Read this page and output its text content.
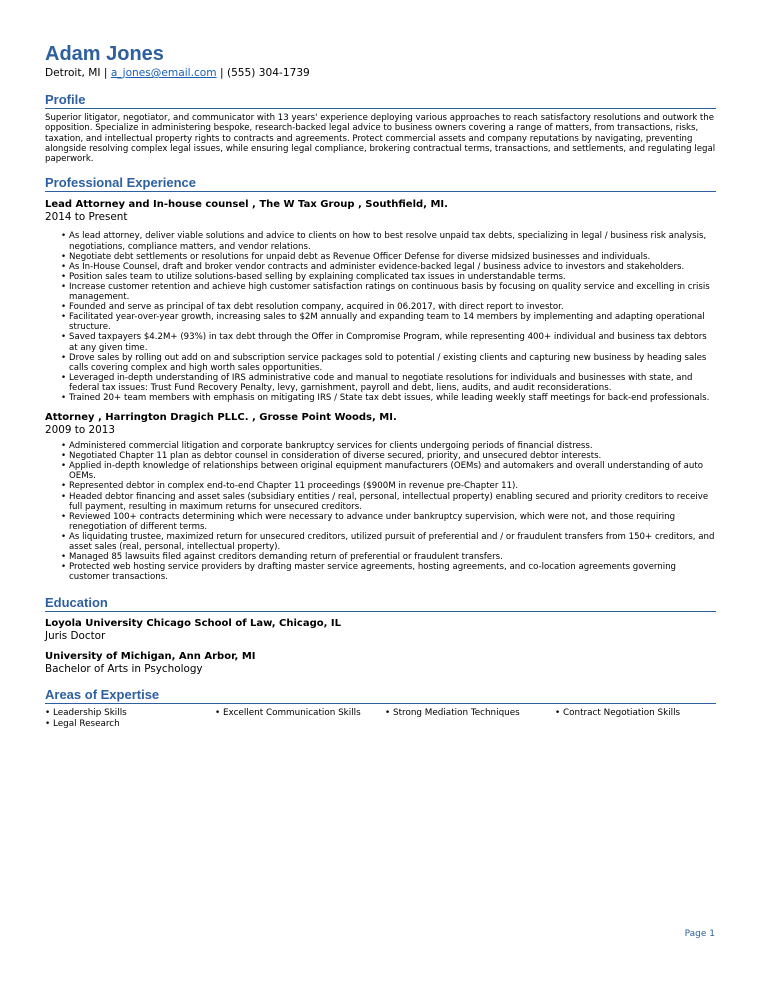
Adam Jones
Detroit, MI | a_jones@email.com | (555) 304-1739
Profile

Superior litigator, negotiator, and communicator with 13 years' experience deploying various approaches to reach satisfactory resolutions and outwork the opposition. Specialize in administering bespoke, research-backed legal advice to business owners covering a range of matters, from transactions, risks, taxation, and intellectual property rights to contracts and agreements. Protect commercial assets and company reputations by navigating, preventing alongside resolving complex legal issues, while ensuring legal compliance, brokering contractual terms, transactions, and settlements, and regulating legal paperwork.

Professional Experience

Lead Attorney and In-house counsel , The W Tax Group , Southfield, MI.

2014 to Present

• As lead attorney, deliver viable solutions and advice to clients on how to best resolve unpaid tax debts, specializing in legal / business risk analysis, negotiations, compliance matters, and vendor relations.
• Negotiate debt settlements or resolutions for unpaid debt as Revenue Officer Defense for diverse midsized businesses and individuals.
• As In-House Counsel, draft and broker vendor contracts and administer evidence-backed legal / business advice to investors and stakeholders.
• Position sales team to utilize solutions-based selling by explaining complicated tax issues in understandable terms.
• Increase customer retention and achieve high customer satisfaction ratings on continuous basis by focusing on quality service and excelling in crisis management.
• Founded and serve as principal of tax debt resolution company, acquired in 06.2017, with direct report to investor.
• Facilitated year-over-year growth, increasing sales to $2M annually and expanding team to 14 members by implementing and adapting operational structure.
• Saved taxpayers $4.2M+ (93%) in tax debt through the Offer in Compromise Program, while representing 400+ individual and business tax debtors at any given time.
• Drove sales by rolling out add on and subscription service packages sold to potential / existing clients and capturing new business by heading sales calls covering complex and high worth sales opportunities.
• Leveraged in-depth understanding of IRS administrative code and manual to negotiate resolutions for individuals and businesses with state, and federal tax issues: Trust Fund Recovery Penalty, levy, garnishment, payroll and debt, liens, audits, and audit reconsiderations.
• Trained 20+ team members with emphasis on mitigating IRS / State tax debt issues, while leading weekly staff meetings for back-end professionals.

Attorney , Harrington Dragich PLLC. , Grosse Point Woods, MI.

2009 to 2013

• Administered commercial litigation and corporate bankruptcy services for clients undergoing periods of financial distress.
• Negotiated Chapter 11 plan as debtor counsel in consideration of diverse secured, priority, and unsecured debtor interests.
• Applied in-depth knowledge of relationships between original equipment manufacturers (OEMs) and automakers and overall understanding of auto OEMs.
• Represented debtor in complex end-to-end Chapter 11 proceedings ($900M in revenue pre-Chapter 11).
• Headed debtor financing and asset sales (subsidiary entities / real, personal, intellectual property) enabling secured and priority creditors to receive full payment, resulting in maximum returns for unsecured creditors.
• Reviewed 100+ contracts determining which were necessary to advance under bankruptcy supervision, which were not, and those requiring renegotiation of different terms.
• As liquidating trustee, maximized return for unsecured creditors, utilized pursuit of preferential and / or fraudulent transfers from 150+ creditors, and asset sales (real, personal, intellectual property).
• Managed 85 lawsuits filed against creditors demanding return of preferential or fraudulent transfers.
• Protected web hosting service providers by drafting master service agreements, hosting agreements, and co-location agreements governing customer transactions.
Education

Loyola University Chicago School of Law, Chicago, IL

Juris Doctor

University of Michigan, Ann Arbor, MI

Bachelor of Arts in Psychology

Areas of Expertise
• Leadership Skills	• Excellent Communication Skills	• Strong Mediation Techniques	• Contract Negotiation Skills
• Legal Research
Page 1
